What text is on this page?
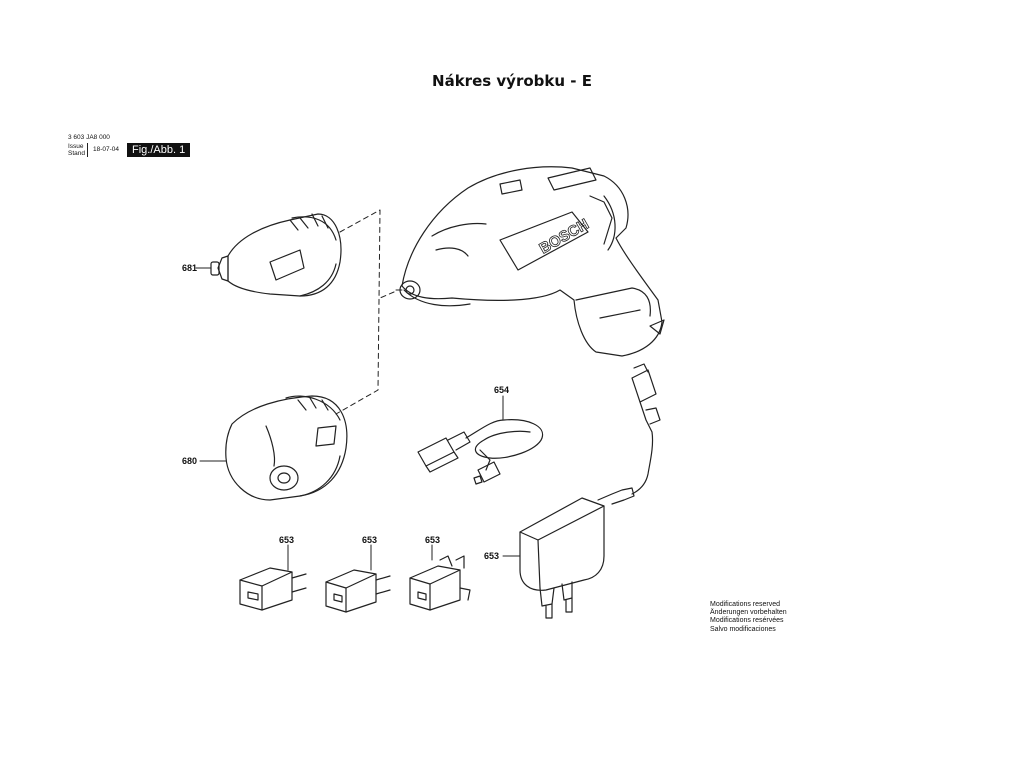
Nákres výrobku - E
3 603 JA8 000
Issue
Stand
18-07-04	Fig./Abb. 1
BOSCH
681
680
654
653	653	653
653
Modifications reserved
Änderungen vorbehalten
Modifications resérvées
Salvo modificaciones
